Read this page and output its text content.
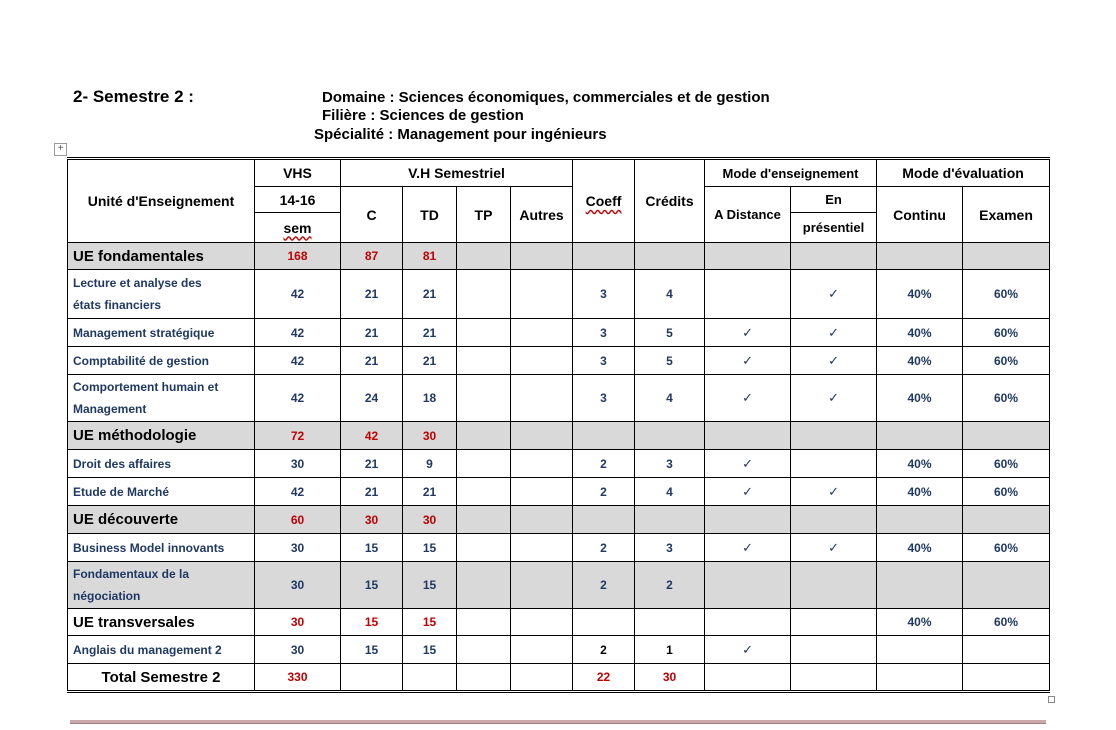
2- Semestre 2 :	Domaine : Sciences économiques, commerciales et de gestion
Filière : Sciences de gestion
Spécialité : Management pour ingénieurs
+
Unité d'Enseignement	VHS	V.H Semestriel				Coeff	Crédits	Mode d'enseignement		Mode d'évaluation	
	14-16	C	TD	TP	Autres			A Distance	En	Continu	Examen
	sem								présentiel		
UE fondamentales	168	87	81								

Lecture et analyse des
états financiers	42	21	21			3	4		✓	40%	60%
Management stratégique	42	21	21			3	5	✓	✓	40%	60%
Comptabilité de gestion	42	21	21			3	5	✓	✓	40%	60%

Comportement humain et
Management	42	24	18			3	4	✓	✓	40%	60%
UE méthodologie	72	42	30								
Droit des affaires	30	21	9			2	3	✓		40%	60%
Etude de Marché	42	21	21			2	4	✓	✓	40%	60%
UE découverte	60	30	30								
Business Model innovants	30	15	15			2	3	✓	✓	40%	60%

Fondamentaux de la
négociation	30	15	15			2	2				
UE transversales	30	15	15							40%	60%
Anglais du management 2	30	15	15			2	1	✓			
Total Semestre 2	330					22	30				
